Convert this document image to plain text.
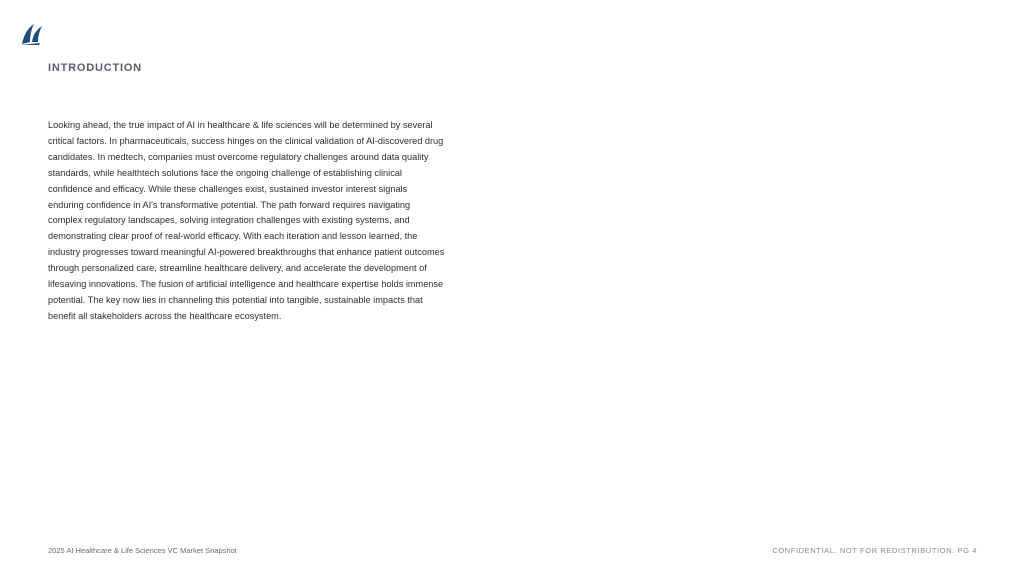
INTRODUCTION
Looking ahead, the true impact of AI in healthcare & life sciences will be determined by several
critical factors. In pharmaceuticals, success hinges on the clinical validation of AI-discovered drug
candidates. In medtech, companies must overcome regulatory challenges around data quality
standards, while healthtech solutions face the ongoing challenge of establishing clinical
confidence and efficacy. While these challenges exist, sustained investor interest signals
enduring confidence in AI's transformative potential. The path forward requires navigating
complex regulatory landscapes, solving integration challenges with existing systems, and
demonstrating clear proof of real-world efficacy. With each iteration and lesson learned, the
industry progresses toward meaningful AI-powered breakthroughs that enhance patient outcomes
through personalized care, streamline healthcare delivery, and accelerate the development of
lifesaving innovations. The fusion of artificial intelligence and healthcare expertise holds immense
potential. The key now lies in channeling this potential into tangible, sustainable impacts that
benefit all stakeholders across the healthcare ecosystem.
2025 AI Healthcare & Life Sciences VC Market Snapshot	CONFIDENTIAL. NOT FOR REDISTRIBUTION. PG 4
